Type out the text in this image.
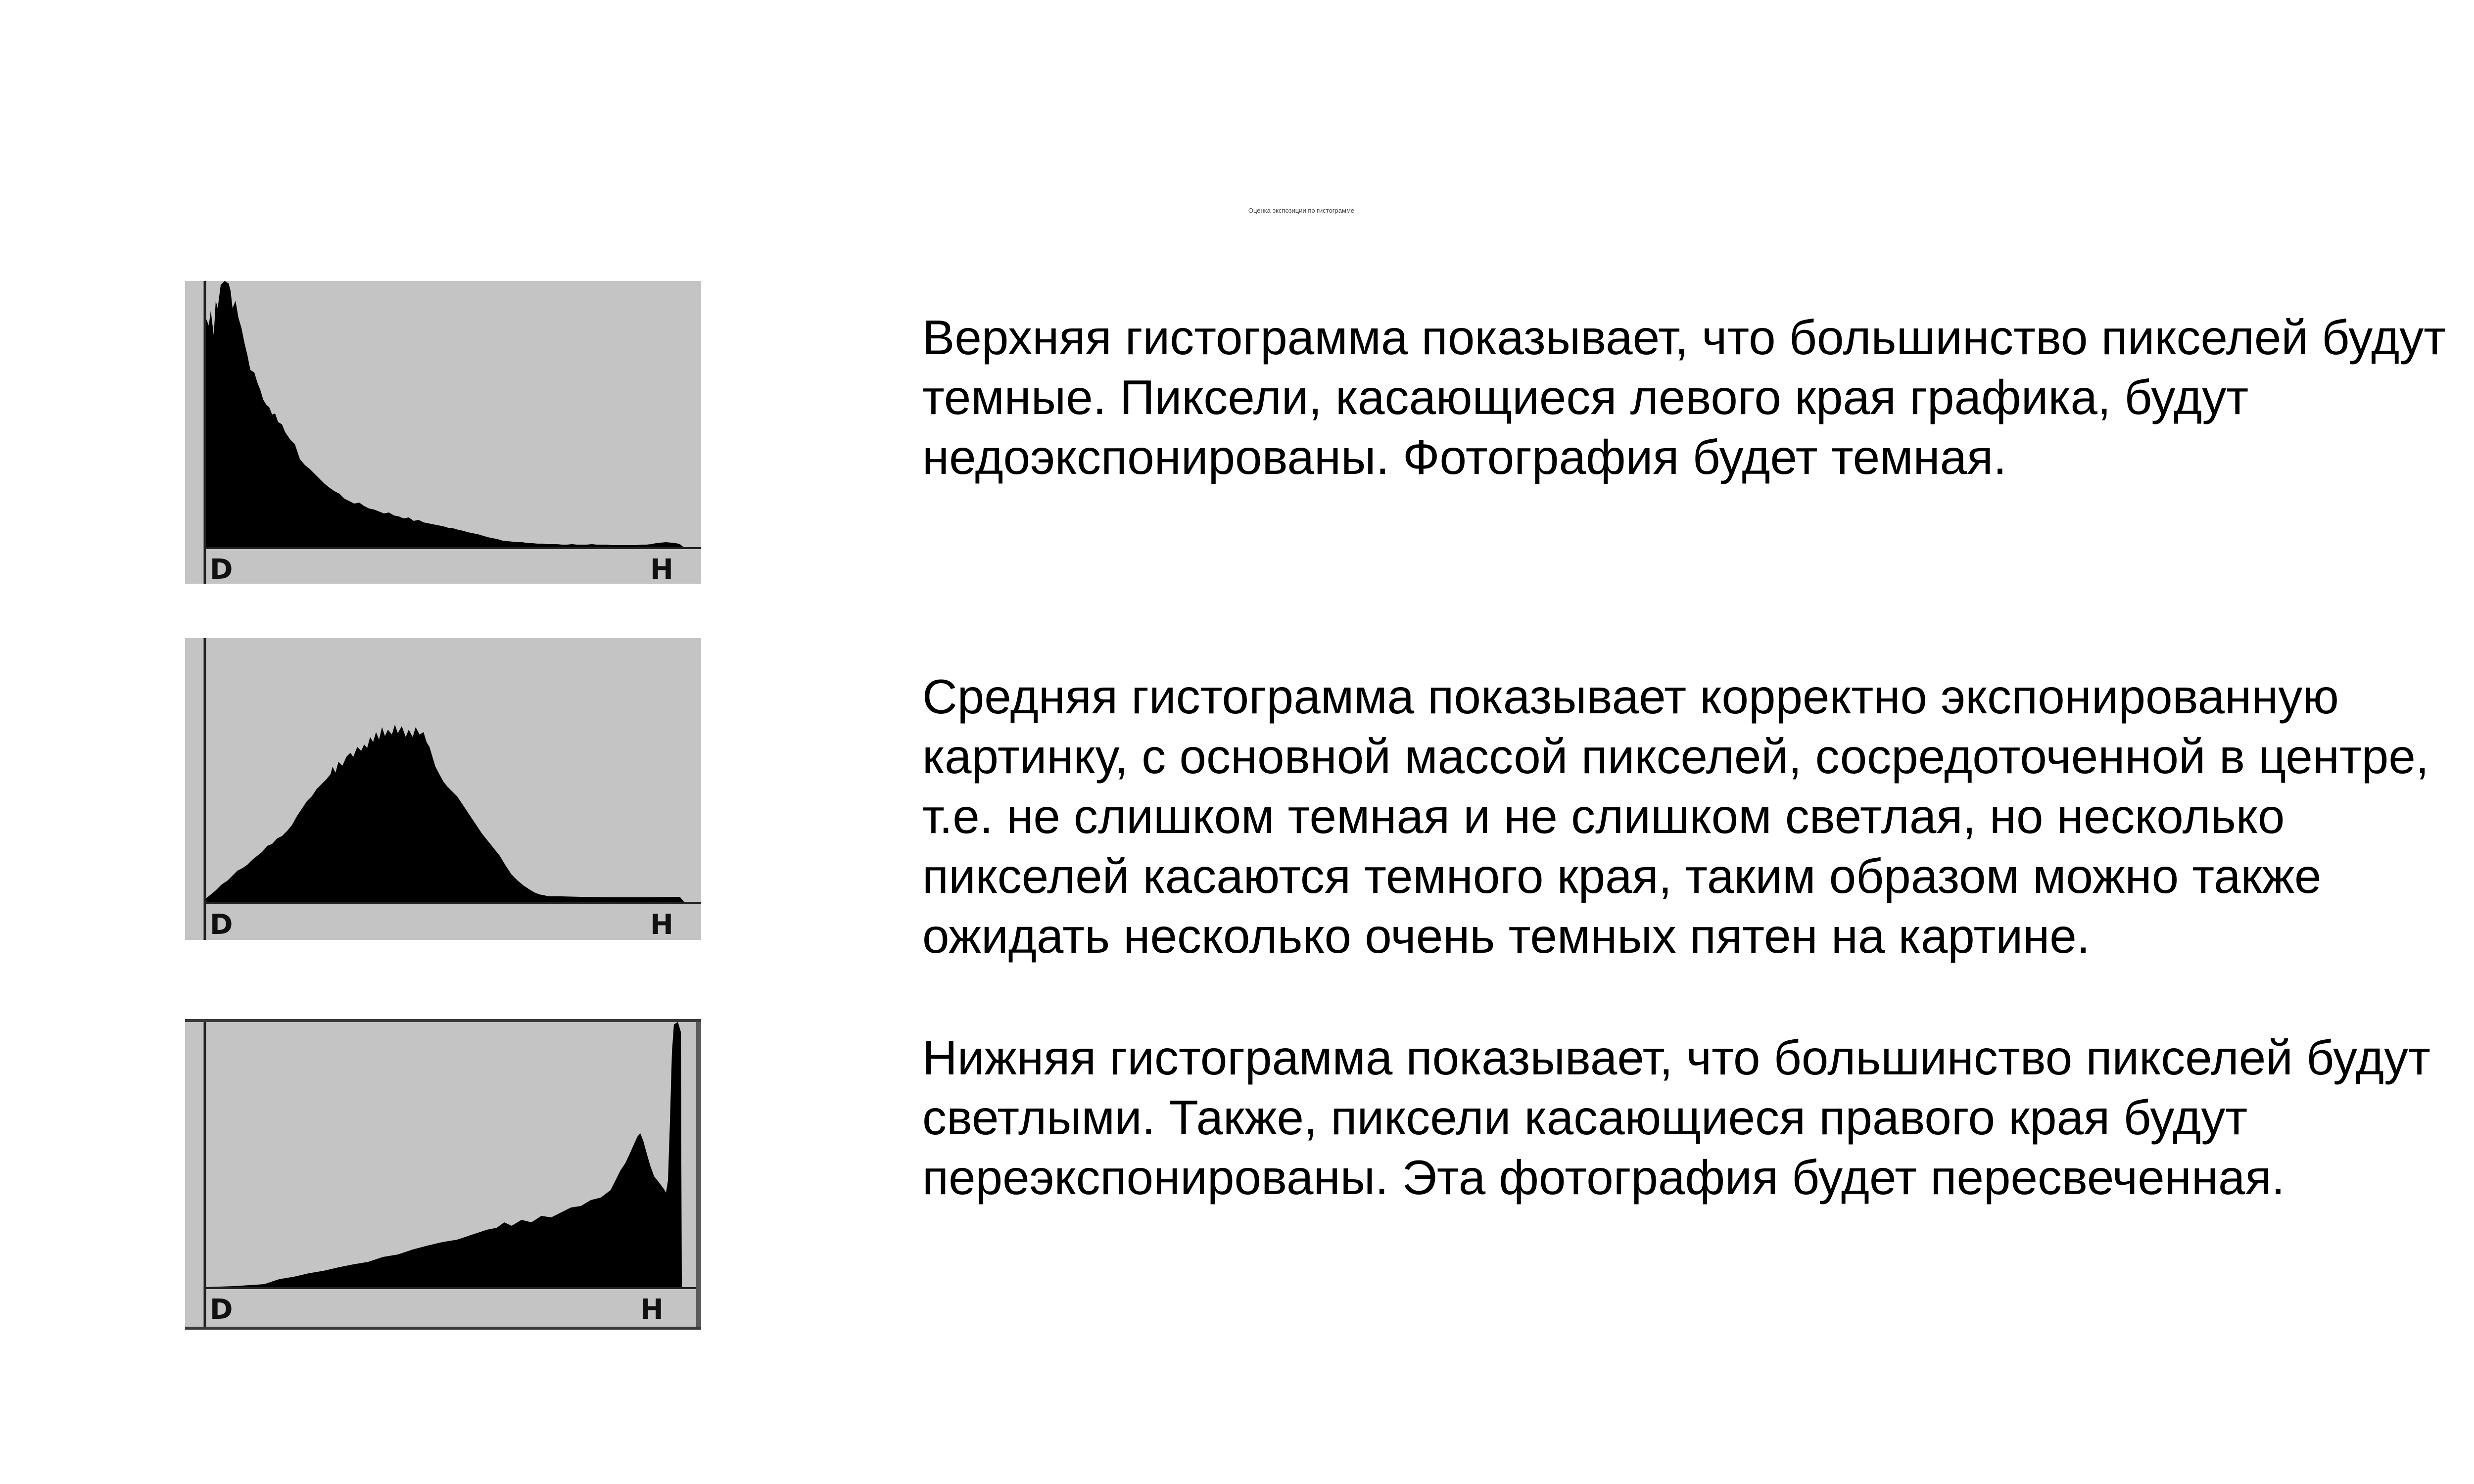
Оценка экспозиции по гистограмме
D	H
D	H
D	H

Верхняя гистограмма показывает, что большинство пикселей будут
темные. Пиксели, касающиеся левого края графика, будут
недоэкспонированы. Фотография будет темная.

Средняя гистограмма показывает корректно экспонированную
картинку, с основной массой пикселей, сосредоточенной в центре,
т.е. не слишком темная и не слишком светлая, но несколько
пикселей касаются темного края, таким образом можно также
ожидать несколько очень темных пятен на картине.

Нижняя гистограмма показывает, что большинство пикселей будут
светлыми. Также, пиксели касающиеся правого края будут
переэкспонированы. Эта фотография будет пересвеченная.
